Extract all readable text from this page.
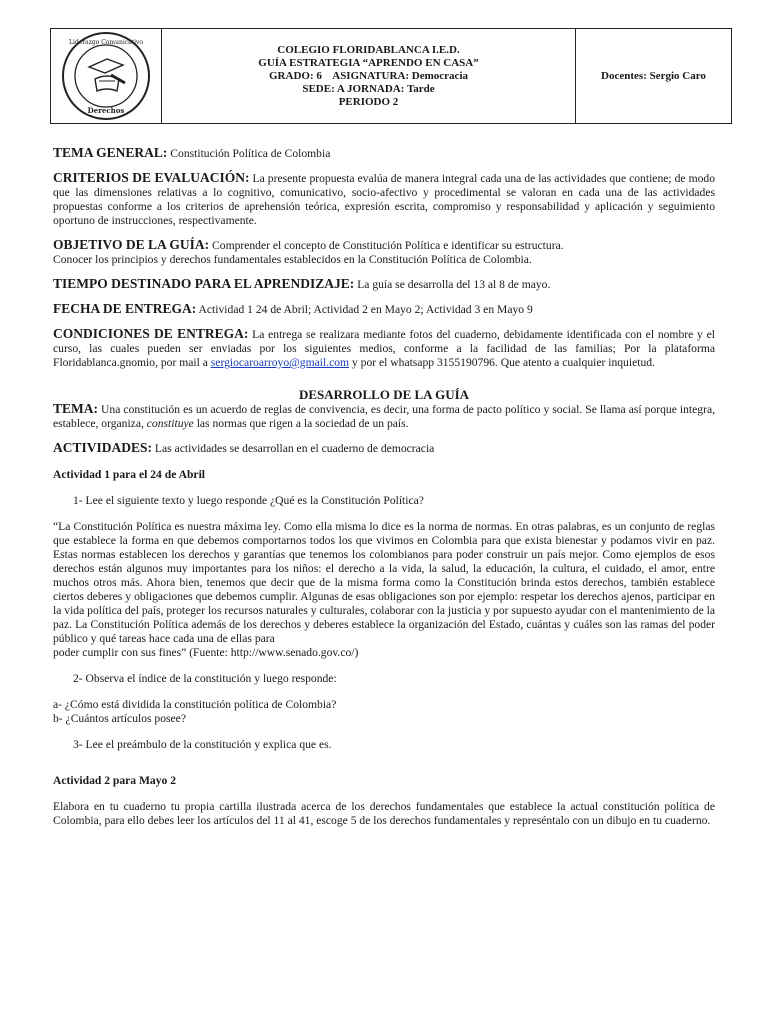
Liderazgo Comunicativo
Derechos
COLEGIO FLORIDABLANCA I.E.D.
GUÍA ESTRATEGIA “APRENDO EN CASA”
GRADO: 6    ASIGNATURA: Democracia
SEDE: A JORNADA: Tarde
PERIODO 2
Docentes: Sergio Caro

TEMA GENERAL: Constitución Política de Colombia

CRITERIOS DE EVALUACIÓN: La presente propuesta evalúa de manera integral cada una de las actividades que contiene; de modo que las dimensiones relativas a lo cognitivo, comunicativo, socio-afectivo y procedimental se valoran en cada una de las actividades propuestas conforme a los criterios de aprehensión teórica, expresión escrita, compromiso y responsabilidad y aplicación y seguimiento oportuno de instrucciones, respectivamente.

OBJETIVO DE LA GUÍA: Comprender el concepto de Constitución Política e identificar su estructura.

Conocer los principios y derechos fundamentales establecidos en la Constitución Política de Colombia.

TIEMPO DESTINADO PARA EL APRENDIZAJE: La guía se desarrolla del 13 al 8 de mayo.

FECHA DE ENTREGA: Actividad 1 24 de Abril; Actividad 2 en Mayo 2; Actividad 3 en Mayo 9

CONDICIONES DE ENTREGA: La entrega se realizara mediante fotos del cuaderno, debidamente identificada con el nombre y el curso, las cuales pueden ser enviadas por los siguientes medios, conforme a la facilidad de las familias; Por la plataforma Floridablanca.gnomio, por mail a sergiocaroarroyo@gmail.com y por el whatsapp 3155190796. Que atento a cualquier inquietud.

DESARROLLO DE LA GUÍA

TEMA: Una constitución es un acuerdo de reglas de convivencia, es decir, una forma de pacto político y social. Se llama así porque integra, establece, organiza, constituye las normas que rigen a la sociedad de un país.

ACTIVIDADES: Las actividades se desarrollan en el cuaderno de democracia

Actividad 1 para el 24 de Abril

1- Lee el siguiente texto y luego responde ¿Qué es la Constitución Política?

“La Constitución Política es nuestra máxima ley. Como ella misma lo dice es la norma de normas. En otras palabras, es un conjunto de reglas que establece la forma en que debemos comportarnos todos los que vivimos en Colombia para que exista bienestar y podamos vivir en paz. Estas normas establecen los derechos y garantías que tenemos los colombianos para poder construir un país mejor. Como ejemplos de esos derechos están algunos muy importantes para los niños: el derecho a la vida, la salud, la educación, la cultura, el cuidado, el amor, entre muchos otros más. Ahora bien, tenemos que decir que de la misma forma como la Constitución brinda estos derechos, también establece ciertos deberes y obligaciones que debemos cumplir. Algunas de esas obligaciones son por ejemplo: respetar los derechos ajenos, participar en la vida política del país, proteger los recursos naturales y culturales, colaborar con la justicia y por supuesto ayudar con el mantenimiento de la paz. La Constitución Política además de los derechos y deberes establece la organización del Estado, cuántas y cuáles son las ramas del poder público y qué tareas hace cada una de ellas para

poder cumplir con sus fines” (Fuente: http://www.senado.gov.co/)

2- Observa el índice de la constitución y luego responde:

a- ¿Cómo está dividida la constitución política de Colombia?

b- ¿Cuántos artículos posee?

3- Lee el preámbulo de la constitución y explica que es.

Actividad 2 para Mayo 2

Elabora en tu cuaderno tu propia cartilla ilustrada acerca de los derechos fundamentales que establece la actual constitución política de Colombia, para ello debes leer los artículos del 11 al 41, escoge 5 de los derechos fundamentales y represéntalo con un dibujo en tu cuaderno.
